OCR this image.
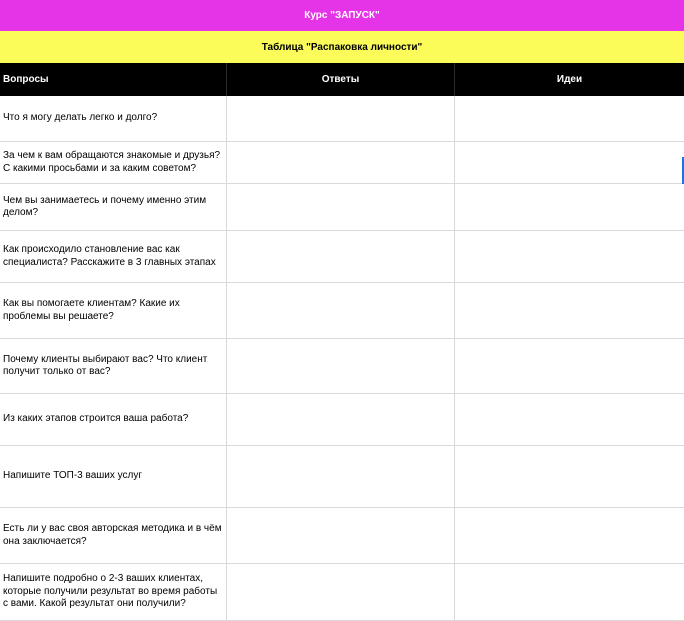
Курс "ЗАПУСК"
Таблица "Распаковка личности"
Вопросы	Ответы	Идеи
Что я могу делать легко и долго?
За чем к вам обращаются знакомые и друзья? С какими просьбами и за каким советом?
Чем вы занимаетесь и почему именно этим делом?
Как происходило становление вас как специалиста? Расскажите в 3 главных этапах
Как вы помогаете клиентам? Какие их проблемы вы решаете?
Почему клиенты выбирают вас? Что клиент получит только от вас?
Из каких этапов строится ваша работа?
Напишите ТОП-3 ваших услуг
Есть ли у вас своя авторская методика и в чём она заключается?
Напишите подробно о 2-3 ваших клиентах, которые получили результат во время работы с вами. Какой результат они получили?
